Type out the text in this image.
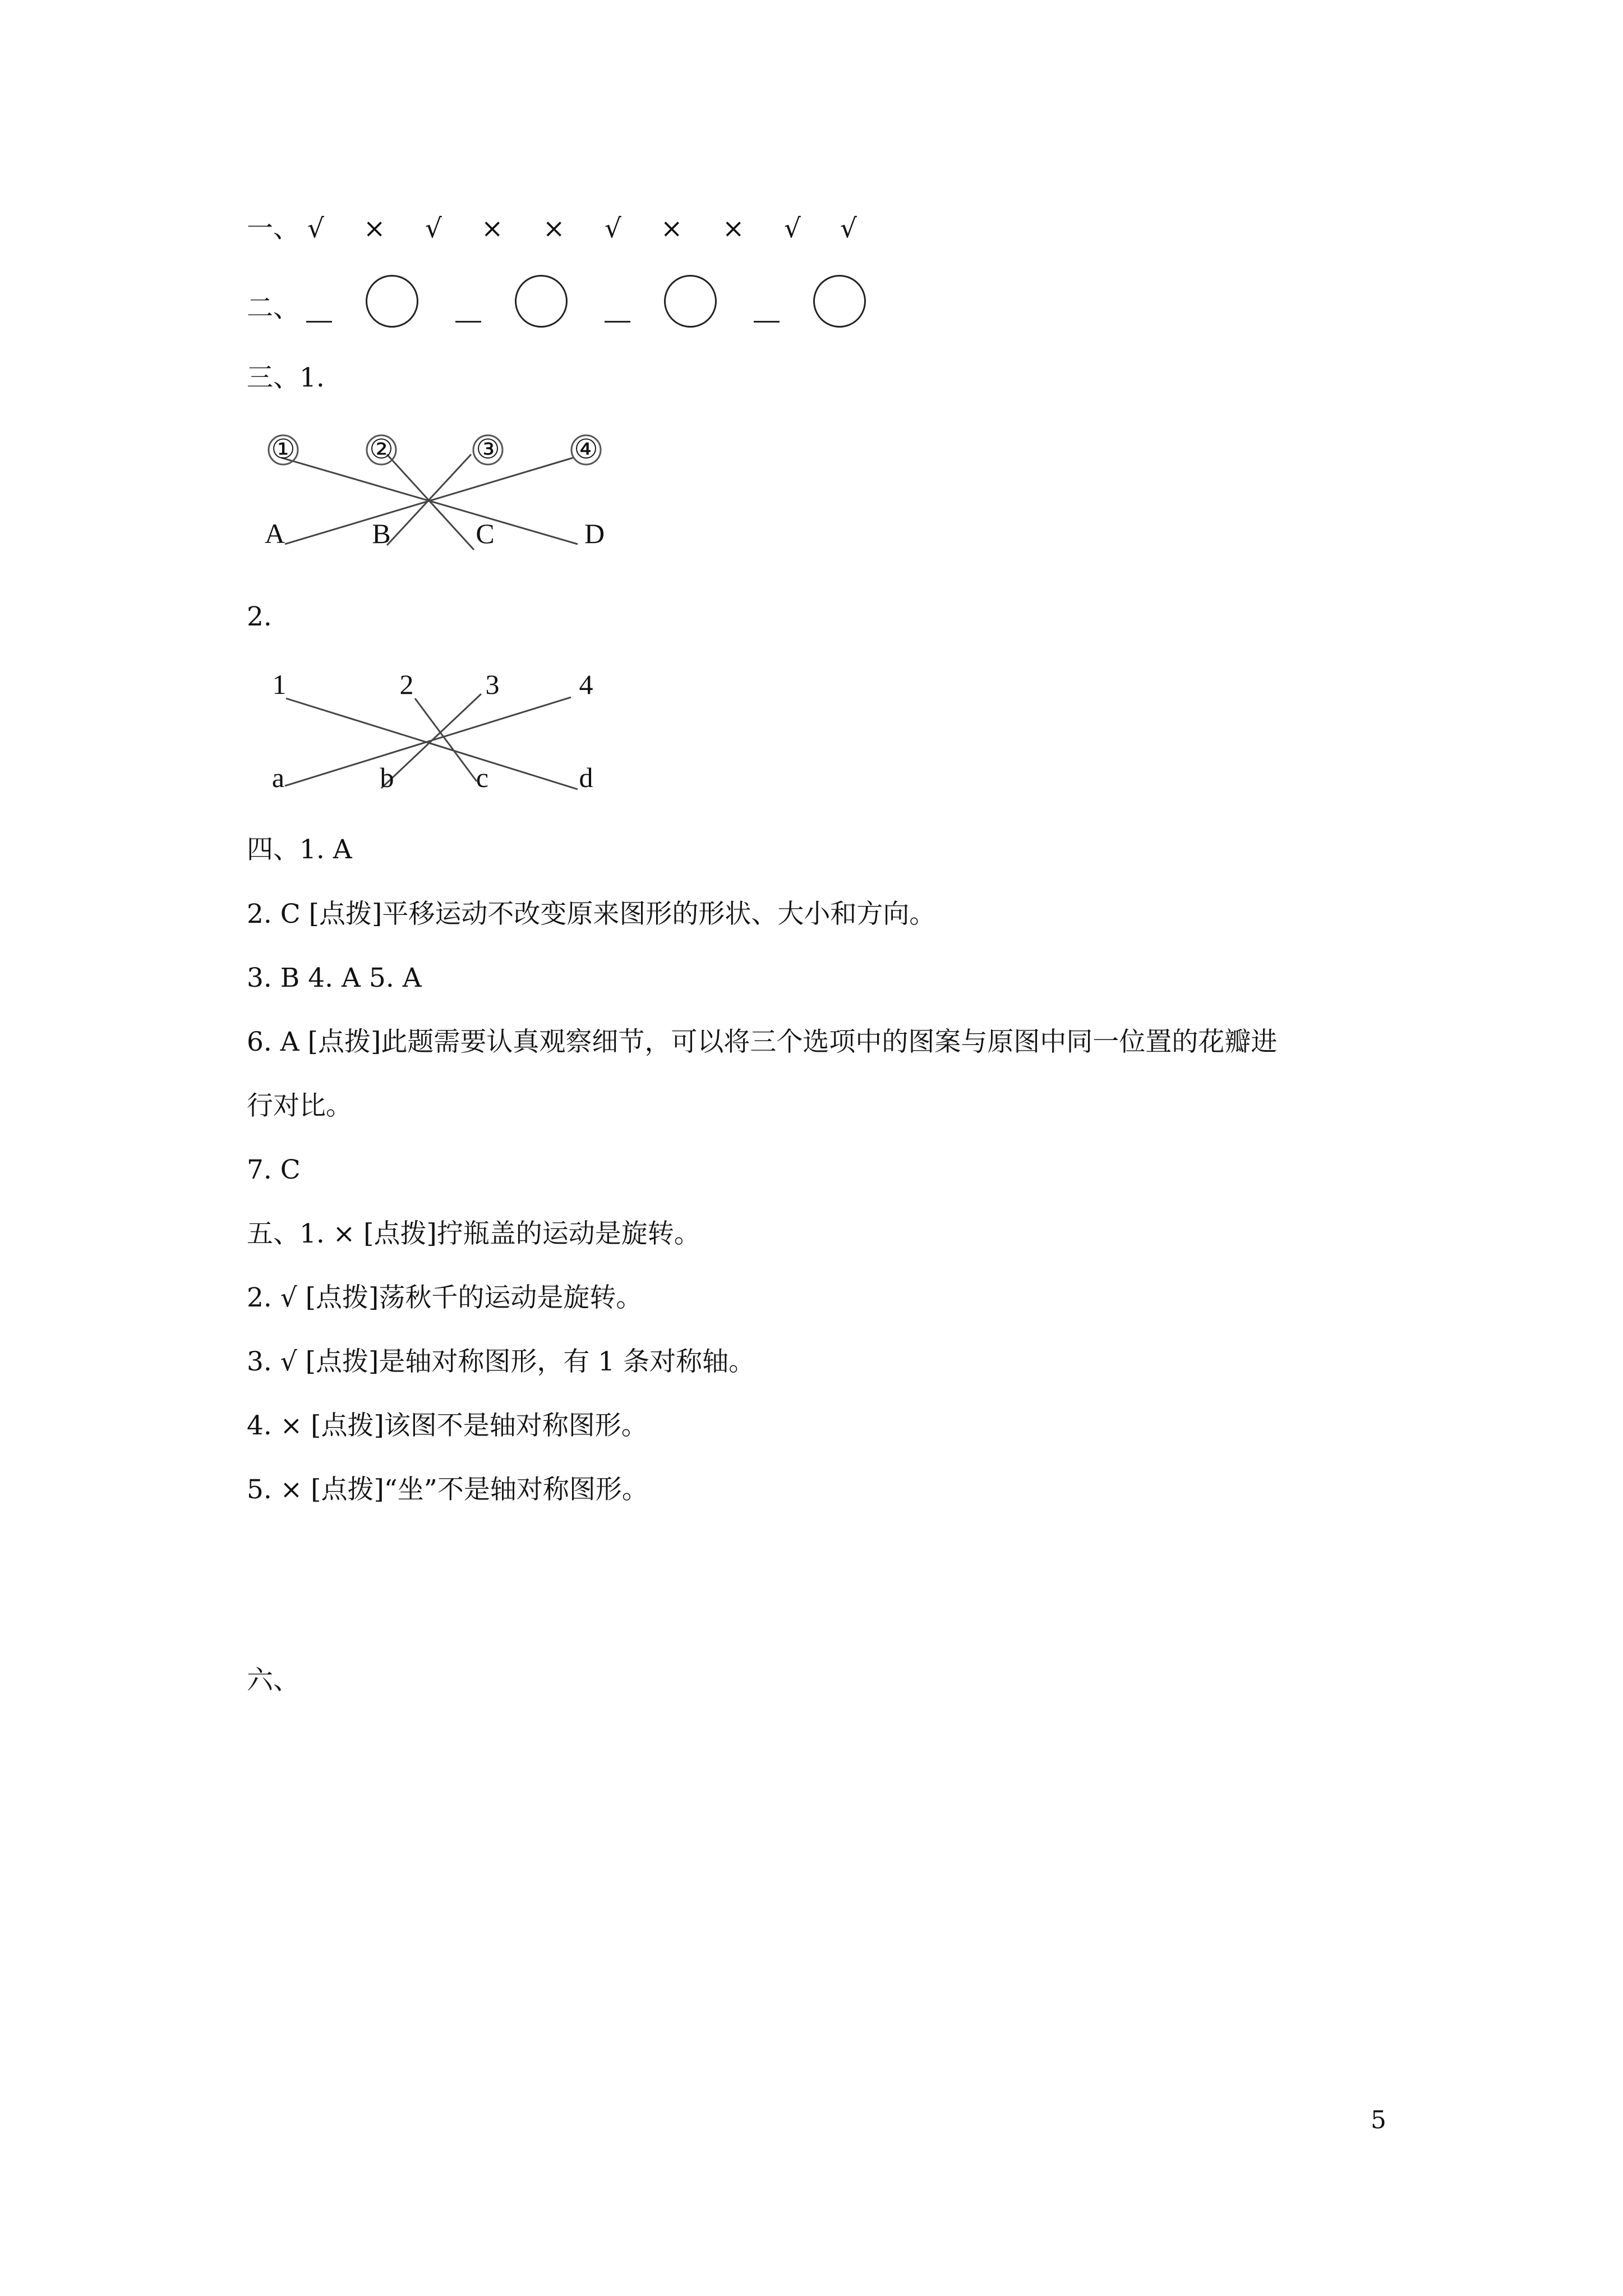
一、 √ × √ × × √ × × √ √
二、
三、1.
①	②	③	④
A	B	C	D
2.
1	2	3	4
a	b	c	d
四、1. A
2. C [点拨]平移运动不改变原来图形的形状、大小和方向。
3. B 4. A 5. A
6. A [点拨]此题需要认真观察细节，可以将三个选项中的图案与原图中同一位置的花瓣进
行对比。
7. C
五、1. × [点拨]拧瓶盖的运动是旋转。
2. √ [点拨]荡秋千的运动是旋转。
3. √ [点拨]是轴对称图形，有 1 条对称轴。
4. × [点拨]该图不是轴对称图形。
5. × [点拨]“坐”不是轴对称图形。
六、
5
